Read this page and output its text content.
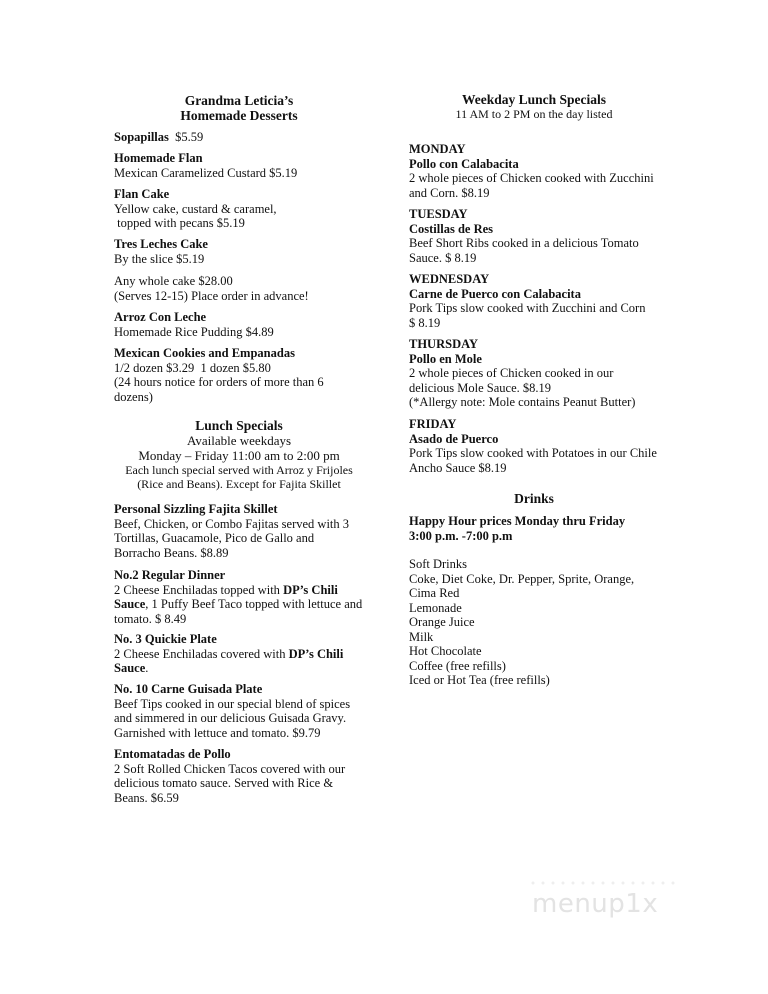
Grandma Leticia’s
Homemade Desserts
Sopapillas $5.59
Homemade Flan
Mexican Caramelized Custard $5.19
Flan Cake
Yellow cake, custard & caramel,
topped with pecans $5.19
Tres Leches Cake
By the slice $5.19
Any whole cake $28.00
(Serves 12-15) Place order in advance!
Arroz Con Leche
Homemade Rice Pudding $4.89
Mexican Cookies and Empanadas
1/2 dozen $3.29  1 dozen $5.80
(24 hours notice for orders of more than 6
dozens)
Lunch Specials
Available weekdays
Monday – Friday 11:00 am to 2:00 pm
Each lunch special served with Arroz y Frijoles
(Rice and Beans). Except for Fajita Skillet
Personal Sizzling Fajita Skillet
Beef, Chicken, or Combo Fajitas served with 3
Tortillas, Guacamole, Pico de Gallo and
Borracho Beans. $8.89
No.2 Regular Dinner
2 Cheese Enchiladas topped with DP’s Chili
Sauce, 1 Puffy Beef Taco topped with lettuce and
tomato. $ 8.49
No. 3 Quickie Plate
2 Cheese Enchiladas covered with DP’s Chili
Sauce.
No. 10 Carne Guisada Plate
Beef Tips cooked in our special blend of spices
and simmered in our delicious Guisada Gravy.
Garnished with lettuce and tomato. $9.79
Entomatadas de Pollo
2 Soft Rolled Chicken Tacos covered with our
delicious tomato sauce. Served with Rice &
Beans. $6.59
Weekday Lunch Specials
11 AM to 2 PM on the day listed
MONDAY
Pollo con Calabacita
2 whole pieces of Chicken cooked with Zucchini
and Corn. $8.19
TUESDAY
Costillas de Res
Beef Short Ribs cooked in a delicious Tomato
Sauce. $ 8.19
WEDNESDAY
Carne de Puerco con Calabacita
Pork Tips slow cooked with Zucchini and Corn
$ 8.19
THURSDAY
Pollo en Mole
2 whole pieces of Chicken cooked in our
delicious Mole Sauce. $8.19
(*Allergy note: Mole contains Peanut Butter)
FRIDAY
Asado de Puerco
Pork Tips slow cooked with Potatoes in our Chile
Ancho Sauce $8.19
Drinks
Happy Hour prices Monday thru Friday
3:00 p.m. -7:00 p.m
Soft Drinks
Coke, Diet Coke, Dr. Pepper, Sprite, Orange,
Cima Red
Lemonade
Orange Juice
Milk
Hot Chocolate
Coffee (free refills)
Iced or Hot Tea (free refills)
menup1x
